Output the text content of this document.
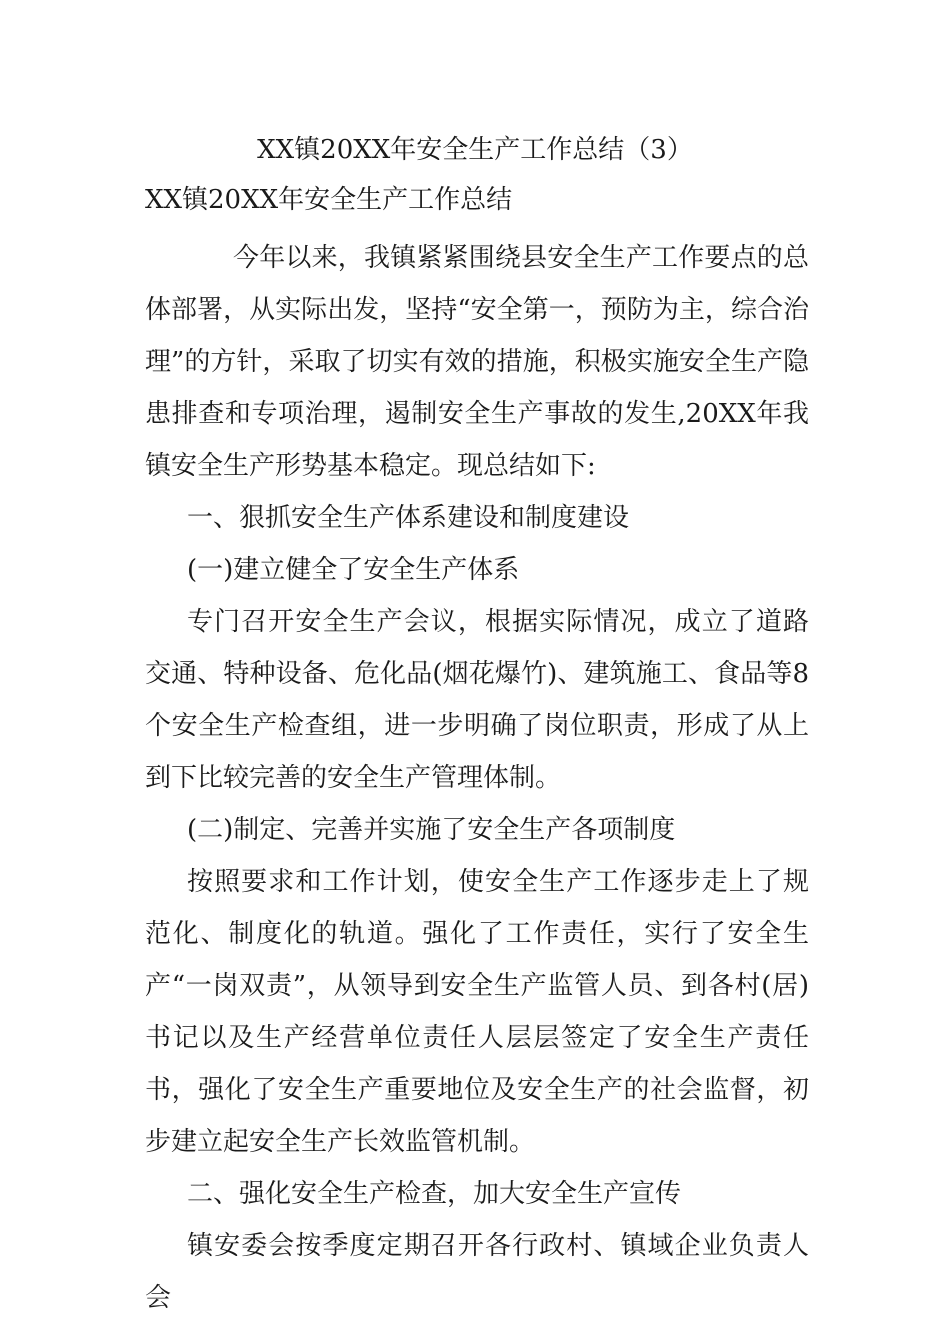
XX镇20XX年安全生产工作总结（3）
XX镇20XX年安全生产工作总结

今年以来，我镇紧紧围绕县安全生产工作要点的总体部署，从实际出发，坚持“安全第一，预防为主，综合治理”的方针，采取了切实有效的措施，积极实施安全生产隐患排查和专项治理，遏制安全生产事故的发生,20XX年我镇安全生产形势基本稳定。现总结如下:

一、狠抓安全生产体系建设和制度建设

(一)建立健全了安全生产体系

专门召开安全生产会议，根据实际情况，成立了道路交通、特种设备、危化品(烟花爆竹)、建筑施工、食品等8个安全生产检查组，进一步明确了岗位职责，形成了从上到下比较完善的安全生产管理体制。

(二)制定、完善并实施了安全生产各项制度

按照要求和工作计划，使安全生产工作逐步走上了规范化、制度化的轨道。强化了工作责任，实行了安全生产“一岗双责”，从领导到安全生产监管人员、到各村(居)书记以及生产经营单位责任人层层签定了安全生产责任书，强化了安全生产重要地位及安全生产的社会监督，初步建立起安全生产长效监管机制。

二、强化安全生产检查，加大安全生产宣传

镇安委会按季度定期召开各行政村、镇域企业负责人会
